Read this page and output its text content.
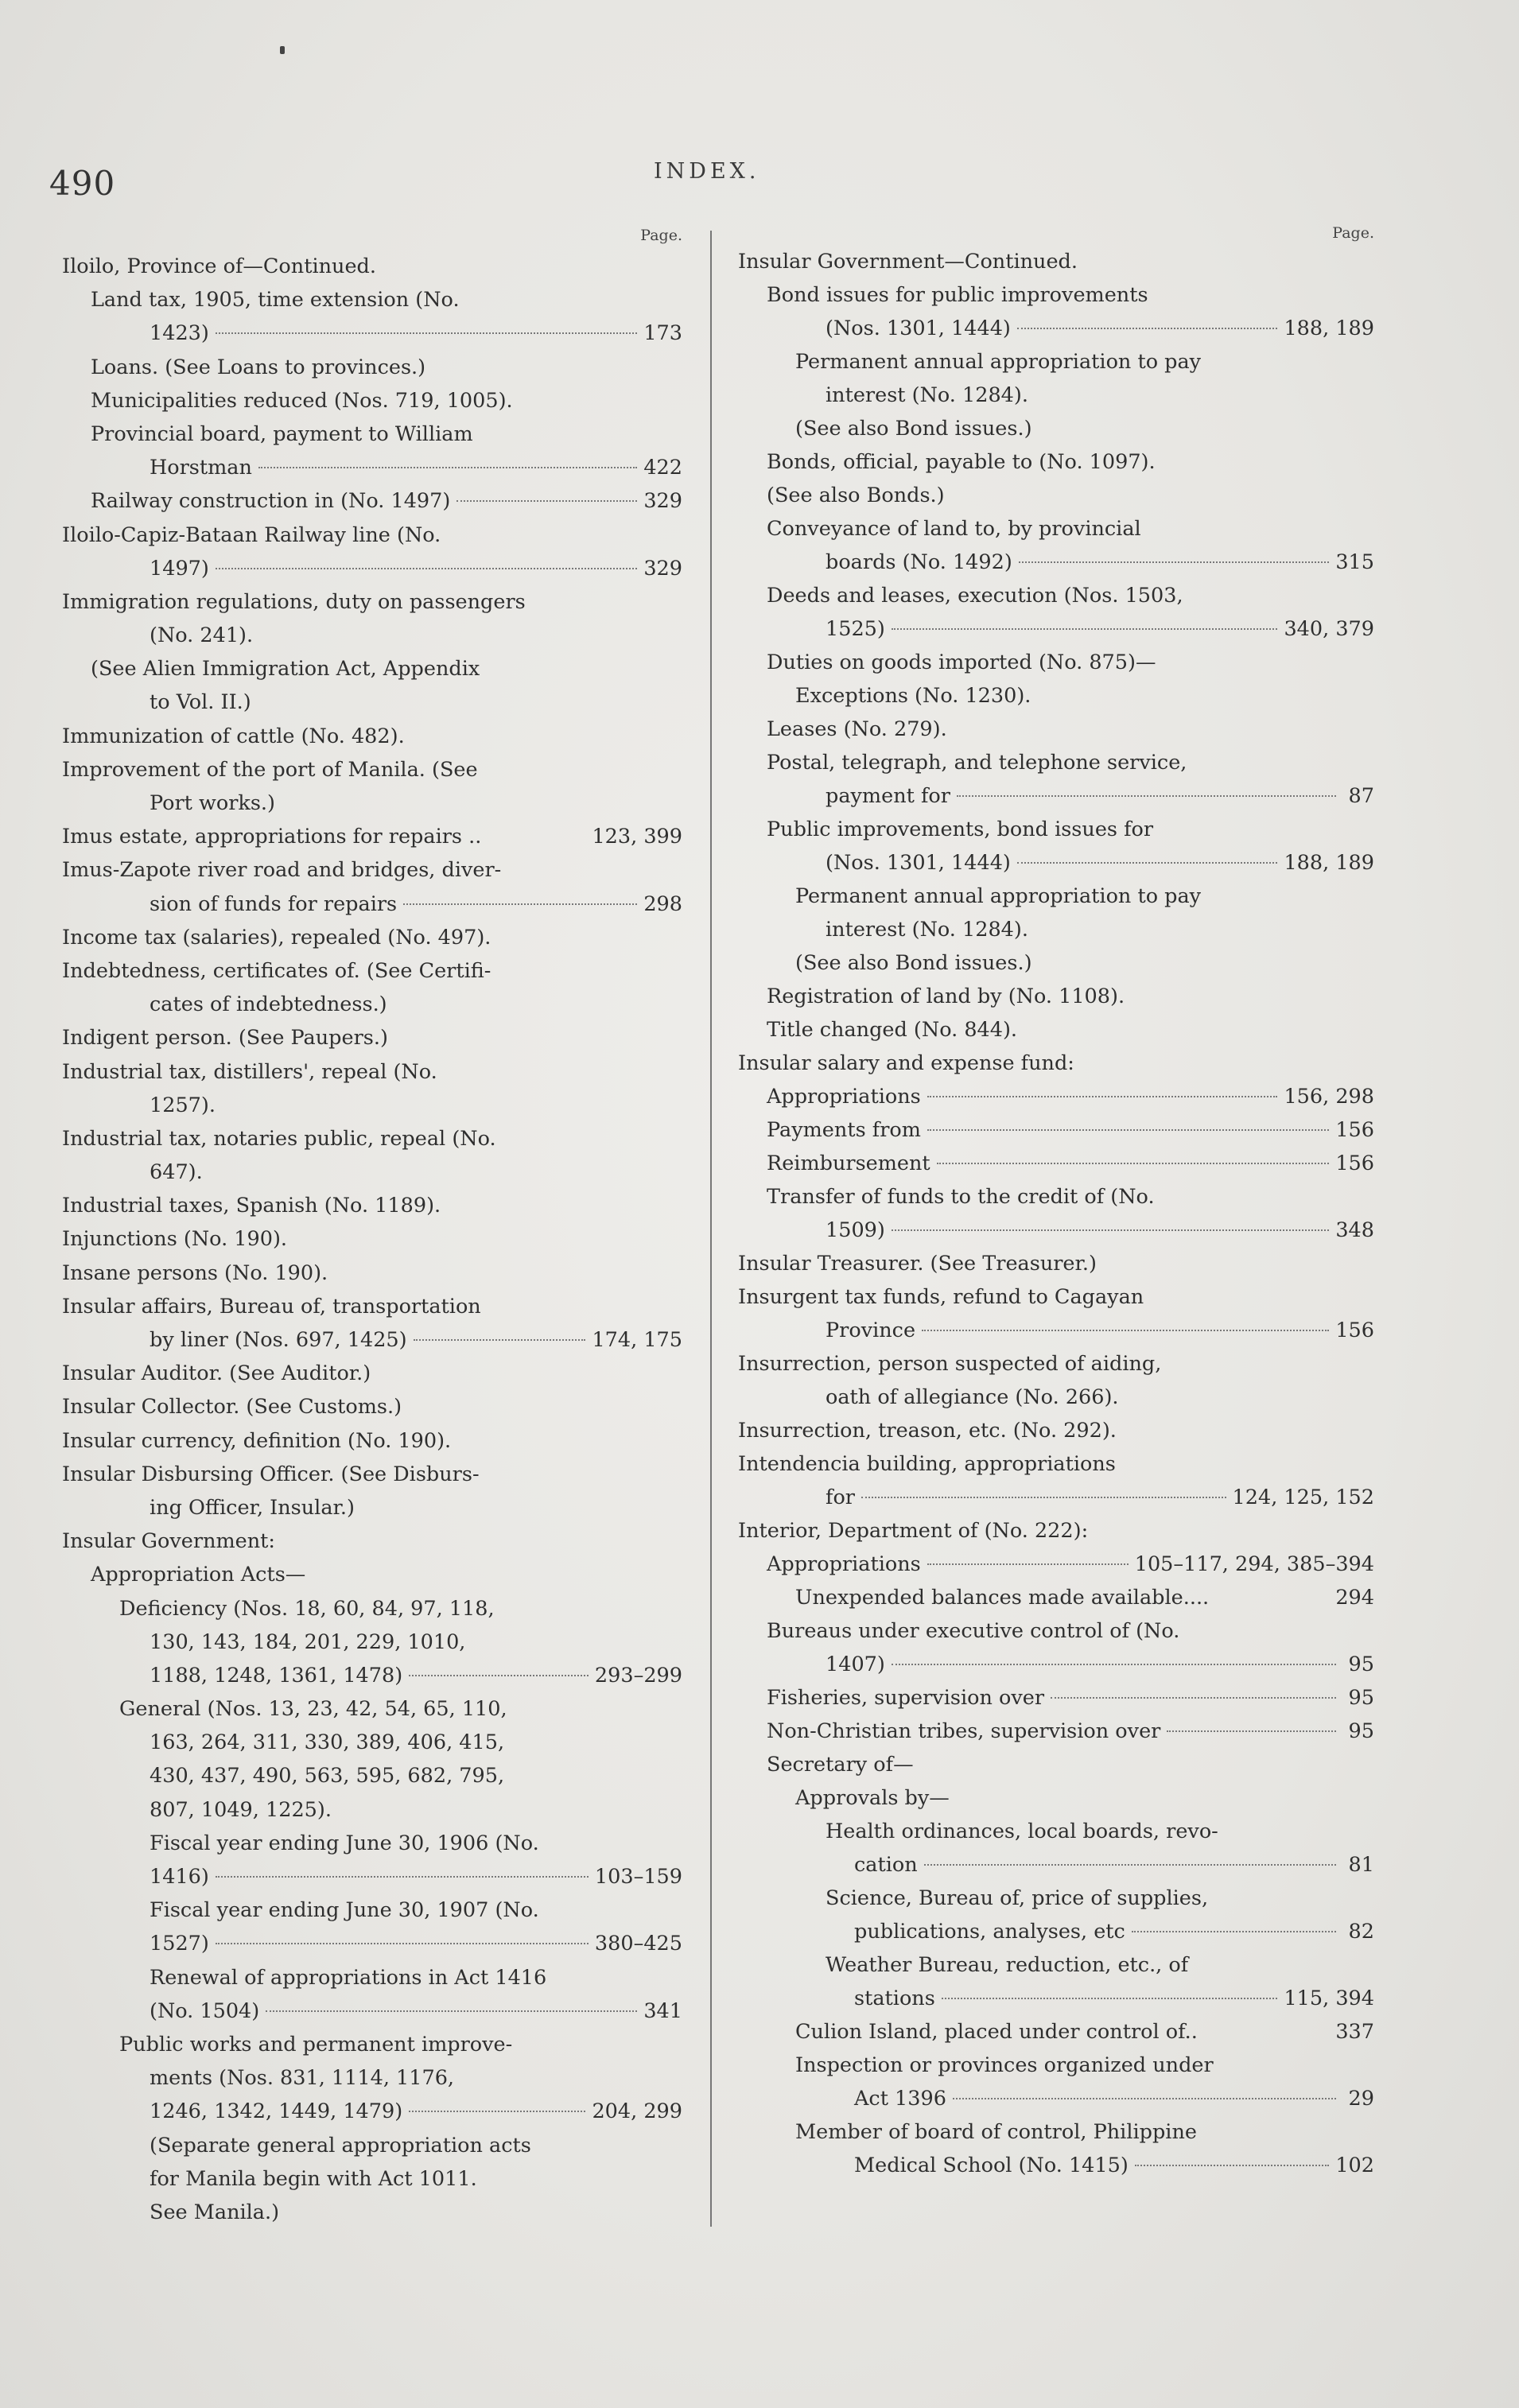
490	INDEX.
Page.
Iloilo, Province of—Continued.
Land tax, 1905, time extension (No.
1423)	173
Loans. (See Loans to provinces.)
Municipalities reduced (Nos. 719, 1005).
Provincial board, payment to William
Horstman	422
Railway construction in (No. 1497)	329
Iloilo-Capiz-Bataan Railway line (No.
1497)	329
Immigration regulations, duty on passengers
(No. 241).
(See Alien Immigration Act, Appendix
to Vol. II.)
Immunization of cattle (No. 482).
Improvement of the port of Manila. (See
Port works.)
Imus estate, appropriations for repairs ..	123, 399
Imus-Zapote river road and bridges, diver-
sion of funds for repairs	298
Income tax (salaries), repealed (No. 497).
Indebtedness, certificates of. (See Certifi-
cates of indebtedness.)
Indigent person. (See Paupers.)
Industrial tax, distillers', repeal (No.
1257).
Industrial tax, notaries public, repeal (No.
647).
Industrial taxes, Spanish (No. 1189).
Injunctions (No. 190).
Insane persons (No. 190).
Insular affairs, Bureau of, transportation
by liner (Nos. 697, 1425)	174, 175
Insular Auditor. (See Auditor.)
Insular Collector. (See Customs.)
Insular currency, definition (No. 190).
Insular Disbursing Officer. (See Disburs-
ing Officer, Insular.)
Insular Government:
Appropriation Acts—
Deficiency (Nos. 18, 60, 84, 97, 118,
130, 143, 184, 201, 229, 1010,
1188, 1248, 1361, 1478)	293–299
General (Nos. 13, 23, 42, 54, 65, 110,
163, 264, 311, 330, 389, 406, 415,
430, 437, 490, 563, 595, 682, 795,
807, 1049, 1225).
Fiscal year ending June 30, 1906 (No.
1416)	103–159
Fiscal year ending June 30, 1907 (No.
1527)	380–425
Renewal of appropriations in Act 1416
(No. 1504)	341
Public works and permanent improve-
ments (Nos. 831, 1114, 1176,
1246, 1342, 1449, 1479)	204, 299
(Separate general appropriation acts
for Manila begin with Act 1011.
See Manila.)
Page.
Insular Government—Continued.
Bond issues for public improvements
(Nos. 1301, 1444)	188, 189
Permanent annual appropriation to pay
interest (No. 1284).
(See also Bond issues.)
Bonds, official, payable to (No. 1097).
(See also Bonds.)
Conveyance of land to, by provincial
boards (No. 1492)	315
Deeds and leases, execution (Nos. 1503,
1525)	340, 379
Duties on goods imported (No. 875)—
Exceptions (No. 1230).
Leases (No. 279).
Postal, telegraph, and telephone service,
payment for	87
Public improvements, bond issues for
(Nos. 1301, 1444)	188, 189
Permanent annual appropriation to pay
interest (No. 1284).
(See also Bond issues.)
Registration of land by (No. 1108).
Title changed (No. 844).
Insular salary and expense fund:
Appropriations	156, 298
Payments from	156
Reimbursement	156
Transfer of funds to the credit of (No.
1509)	348
Insular Treasurer. (See Treasurer.)
Insurgent tax funds, refund to Cagayan
Province	156
Insurrection, person suspected of aiding,
oath of allegiance (No. 266).
Insurrection, treason, etc. (No. 292).
Intendencia building, appropriations
for	124, 125, 152
Interior, Department of (No. 222):
Appropriations	105–117, 294, 385–394
Unexpended balances made available....	294
Bureaus under executive control of (No.
1407)	95
Fisheries, supervision over	95
Non-Christian tribes, supervision over	95
Secretary of—
Approvals by—
Health ordinances, local boards, revo-
cation	81
Science, Bureau of, price of supplies,
publications, analyses, etc	82
Weather Bureau, reduction, etc., of
stations	115, 394
Culion Island, placed under control of..	337
Inspection or provinces organized under
Act 1396	29
Member of board of control, Philippine
Medical School (No. 1415)	102
